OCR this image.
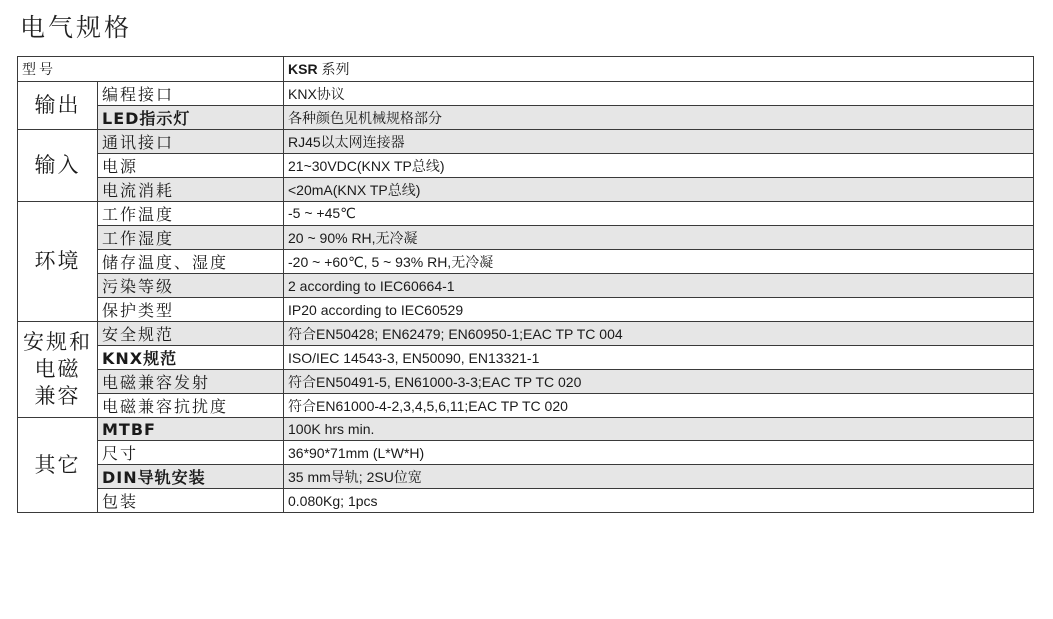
电气规格
型号		KSR 系列
输出	编程接口	KNX协议
	LED指示灯	各种颜色见机械规格部分
输入	通讯接口	RJ45以太网连接器
	电源	21~30VDC(KNX TP总线)
	电流消耗	<20mA(KNX TP总线)
环境	工作温度	-5 ~ +45℃
	工作湿度	20 ~ 90% RH,无冷凝
	储存温度、湿度	-20 ~ +60℃, 5 ~ 93% RH,无冷凝
	污染等级	2 according to IEC60664-1
	保护类型	IP20 according to IEC60529

安规和
电磁
兼容	安全规范	符合EN50428; EN62479; EN60950-1;EAC TP TC 004
	KNX规范	ISO/IEC 14543-3, EN50090, EN13321-1
	电磁兼容发射	符合EN50491-5, EN61000-3-3;EAC TP TC 020
	电磁兼容抗扰度	符合EN61000-4-2,3,4,5,6,11;EAC TP TC 020
其它	MTBF	100K hrs min.
	尺寸	36*90*71mm (L*W*H)
	DIN导轨安装	35 mm导轨; 2SU位宽
	包装	0.080Kg; 1pcs
